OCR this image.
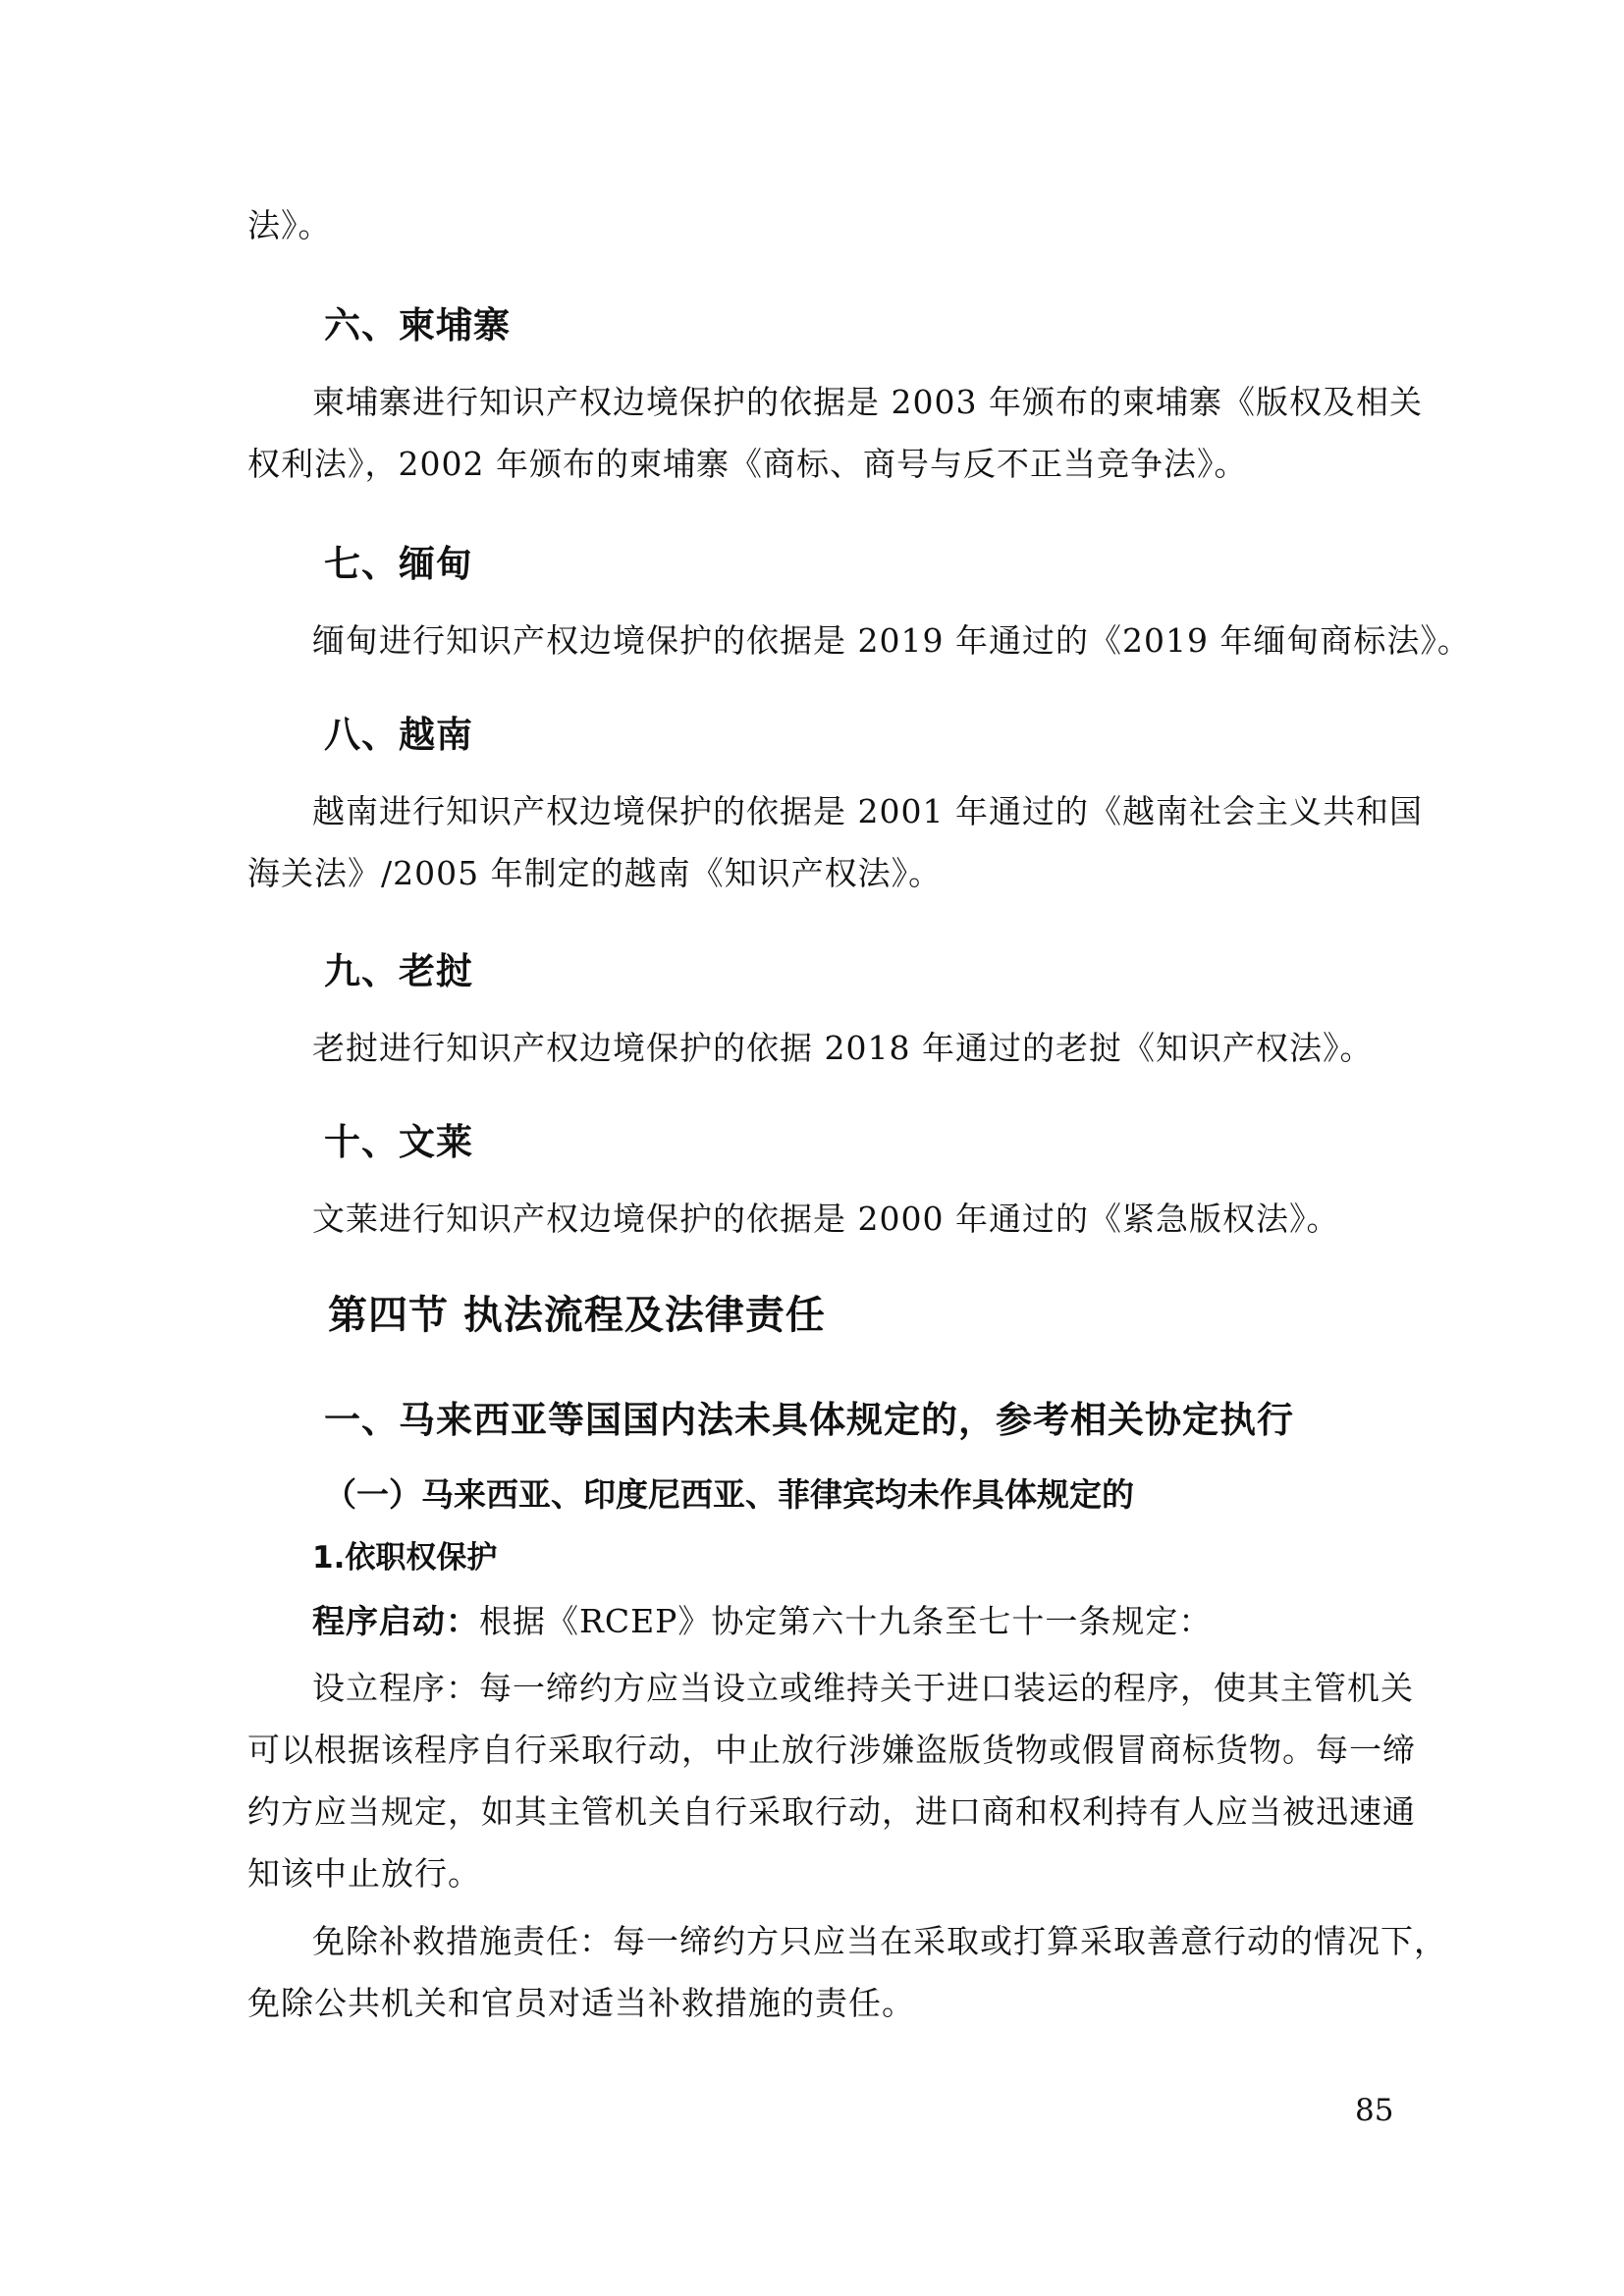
法》。
六、柬埔寨
柬埔寨进行知识产权边境保护的依据是 2003 年颁布的柬埔寨《版权及相关
权利法》，2002 年颁布的柬埔寨《商标、商号与反不正当竞争法》。
七、缅甸
缅甸进行知识产权边境保护的依据是 2019 年通过的《2019 年缅甸商标法》。
八、越南
越南进行知识产权边境保护的依据是 2001 年通过的《越南社会主义共和国
海关法》/2005 年制定的越南《知识产权法》。
九、老挝
老挝进行知识产权边境保护的依据 2018 年通过的老挝《知识产权法》。
十、文莱
文莱进行知识产权边境保护的依据是 2000 年通过的《紧急版权法》。
第四节 执法流程及法律责任
一、马来西亚等国国内法未具体规定的，参考相关协定执行
（一）马来西亚、印度尼西亚、菲律宾均未作具体规定的
1.依职权保护
程序启动：根据《RCEP》协定第六十九条至七十一条规定：
设立程序：每一缔约方应当设立或维持关于进口装运的程序，使其主管机关
可以根据该程序自行采取行动，中止放行涉嫌盗版货物或假冒商标货物。每一缔
约方应当规定，如其主管机关自行采取行动，进口商和权利持有人应当被迅速通
知该中止放行。
免除补救措施责任：每一缔约方只应当在采取或打算采取善意行动的情况下，
免除公共机关和官员对适当补救措施的责任。
85
